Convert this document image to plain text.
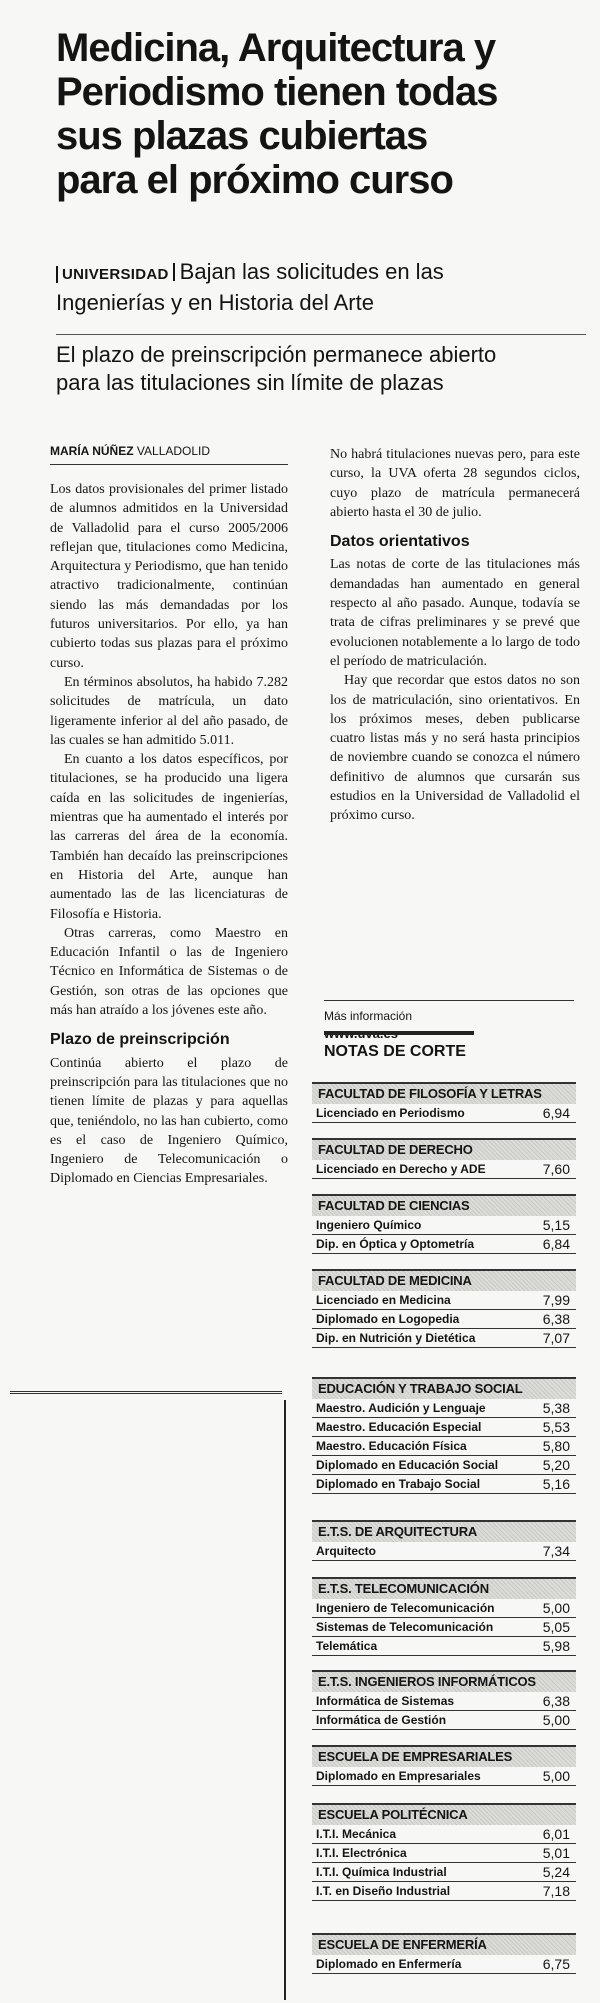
Medicina, Arquitectura y
Periodismo tienen todas
sus plazas cubiertas
para el próximo curso
UNIVERSIDAD Bajan las solicitudes en las
Ingenierías y en Historia del Arte
El plazo de preinscripción permanece abierto
para las titulaciones sin límite de plazas
MARÍA NÚÑEZ VALLADOLID

Los datos provisionales del primer listado de alumnos admitidos en la Universidad de Valladolid para el curso 2005/2006 reflejan que, titulaciones como Medicina, Arquitectura y Periodismo, que han tenido atractivo tradicionalmente, continúan siendo las más demandadas por los futuros universitarios. Por ello, ya han cubierto todas sus plazas para el próximo curso.

En términos absolutos, ha habido 7.282 solicitudes de matrícula, un dato ligeramente inferior al del año pasado, de las cuales se han admitido 5.011.

En cuanto a los datos específicos, por titulaciones, se ha producido una ligera caída en las solicitudes de ingenierías, mientras que ha aumentado el interés por las carreras del área de la economía. También han decaído las preinscripciones en Historia del Arte, aunque han aumentado las de las licenciaturas de Filosofía e Historia.

Otras carreras, como Maestro en Educación Infantil o las de Ingeniero Técnico en Informática de Sistemas o de Gestión, son otras de las opciones que más han atraído a los jóvenes este año.

Plazo de preinscripción

Continúa abierto el plazo de preinscripción para las titulaciones que no tienen límite de plazas y para aquellas que, teniéndolo, no las han cubierto, como es el caso de Ingeniero Químico, Ingeniero de Telecomunicación o Diplomado en Ciencias Empresariales.

No habrá titulaciones nuevas pero, para este curso, la UVA oferta 28 segundos ciclos, cuyo plazo de matrícula permanecerá abierto hasta el 30 de julio.

Datos orientativos

Las notas de corte de las titulaciones más demandadas han aumentado en general respecto al año pasado. Aunque, todavía se trata de cifras preliminares y se prevé que evolucionen notablemente a lo largo de todo el período de matriculación.

Hay que recordar que estos datos no son los de matriculación, sino orientativos. En los próximos meses, deben publicarse cuatro listas más y no será hasta principios de noviembre cuando se conozca el número definitivo de alumnos que cursarán sus estudios en la Universidad de Valladolid el próximo curso.

Más información
www.uva.es
NOTAS DE CORTE
FACULTAD DE FILOSOFÍA Y LETRAS
Licenciado en Periodismo	6,94
FACULTAD DE DERECHO
Licenciado en Derecho y ADE	7,60
FACULTAD DE CIENCIAS
Ingeniero Químico	5,15
Dip. en Óptica y Optometría	6,84
FACULTAD DE MEDICINA
Licenciado en Medicina	7,99
Diplomado en Logopedia	6,38
Dip. en Nutrición y Dietética	7,07
EDUCACIÓN Y TRABAJO SOCIAL
Maestro. Audición y Lenguaje	5,38
Maestro. Educación Especial	5,53
Maestro. Educación Física	5,80
Diplomado en Educación Social	5,20
Diplomado en Trabajo Social	5,16
E.T.S. DE ARQUITECTURA
Arquitecto	7,34
E.T.S. TELECOMUNICACIÓN
Ingeniero de Telecomunicación	5,00
Sistemas de Telecomunicación	5,05
Telemática	5,98
E.T.S. INGENIEROS INFORMÁTICOS
Informática de Sistemas	6,38
Informática de Gestión	5,00
ESCUELA DE EMPRESARIALES
Diplomado en Empresariales	5,00
ESCUELA POLITÉCNICA
I.T.I. Mecánica	6,01
I.T.I. Electrónica	5,01
I.T.I. Química Industrial	5,24
I.T. en Diseño Industrial	7,18
ESCUELA DE ENFERMERÍA
Diplomado en Enfermería	6,75
